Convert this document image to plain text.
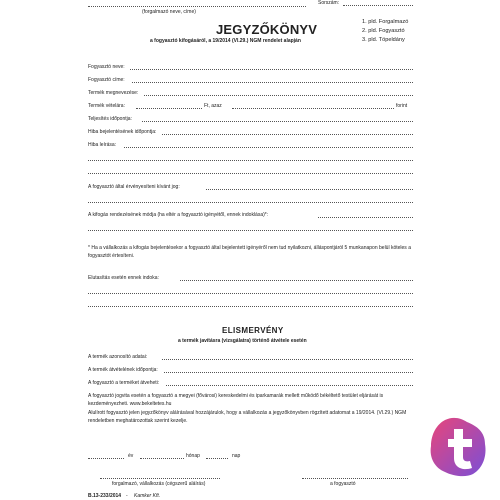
(forgalmazó neve, címe)
Sorszám:
JEGYZŐKÖNYV
a fogyasztó kifogásáról, a 19/2014 (VI.29.) NGM rendelet alapján
1. pld. Forgalmazó
2. pld. Fogyasztó
3. pld. Töpeldány
Fogyasztó neve:
Fogyasztó címe:
Termék megnevezése:
Termék vételára:	Ft, azaz	forint
Teljesítés időpontja:
Hiba bejelentésének időpontja:
Hiba leírása:
A fogyasztó által érvényesíteni kívánt jog:
A kifogás rendezésének módja (ha eltér a fogyasztó igényétől, ennek indoklása)*:
* Ha a vállalkozás a kifogás bejelentésekor a fogyasztó által bejelentett igényéről nem tud nyilatkozni, álláspontjáról 5 munkanapon belül köteles a fogyasztót értesíteni.
Elutasítás esetén ennek indoka:
ELISMERVÉNY
a termék javításra (vizsgálatra) történő átvétele esetén
A termék azonosító adatai:
A termék átvételének időpontja:
A fogyasztó a terméket átveheti:
A fogyasztó jogvita esetén a fogyasztó a megyei (fővárosi) kereskedelmi és iparkamarák mellett működő békéltető testület eljárását is kezdeményezheti. www.bekeltetes.hu
Alulírott fogyasztó jelen jegyzőkönyv aláírásával hozzájárulok, hogy a vállalkozás a jegyzőkönyvben rögzített adatomat a 19/2014. (VI.29.) NGM rendeletben meghatározottak szerint kezelje.
év	hónap	nap
forgalmazó, vállalkozás (cégszerű aláírás)	a fogyasztó
B.13-233/2014 - Kamker Kft.
